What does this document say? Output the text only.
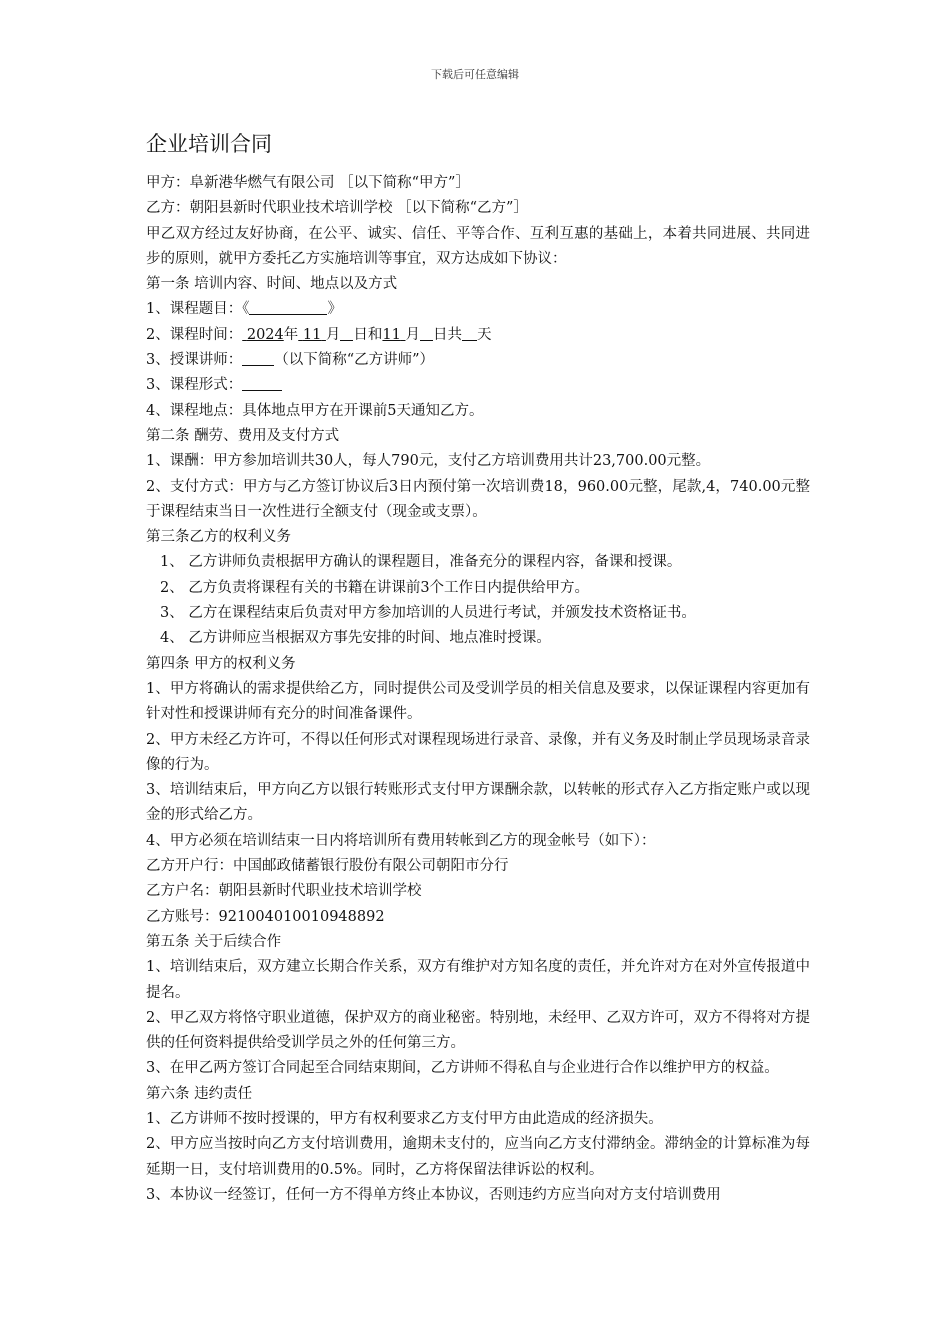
下载后可任意编辑
企业培训合同
甲方：阜新港华燃气有限公司 ［以下简称“甲方”］
乙方：朝阳县新时代职业技术培训学校 ［以下简称“乙方”］
甲乙双方经过友好协商，在公平、诚实、信任、平等合作、互利互惠的基础上，本着共同进展、共同进步的原则，就甲方委托乙方实施培训等事宜，双方达成如下协议：
第一条 培训内容、时间、地点以及方式
1、课程题目：《	》
2、课程时间： 2024年 11 月 日和11 月 日共 天
3、授课讲师： （以下简称“乙方讲师”）
3、课程形式：
4、课程地点：具体地点甲方在开课前5天通知乙方。
第二条 酬劳、费用及支付方式
1、课酬：甲方参加培训共30人，每人790元，支付乙方培训费用共计23,700.00元整。
2、支付方式：甲方与乙方签订协议后3日内预付第一次培训费18，960.00元整，尾款,4，740.00元整于课程结束当日一次性进行全额支付（现金或支票）。
第三条乙方的权利义务
1、 乙方讲师负责根据甲方确认的课程题目，准备充分的课程内容，备课和授课。
2、 乙方负责将课程有关的书籍在讲课前3个工作日内提供给甲方。
3、 乙方在课程结束后负责对甲方参加培训的人员进行考试，并颁发技术资格证书。
4、 乙方讲师应当根据双方事先安排的时间、地点准时授课。
第四条 甲方的权利义务
1、甲方将确认的需求提供给乙方，同时提供公司及受训学员的相关信息及要求，以保证课程内容更加有针对性和授课讲师有充分的时间准备课件。
2、甲方未经乙方许可，不得以任何形式对课程现场进行录音、录像，并有义务及时制止学员现场录音录像的行为。
3、培训结束后，甲方向乙方以银行转账形式支付甲方课酬余款，以转帐的形式存入乙方指定账户或以现金的形式给乙方。
4、甲方必须在培训结束一日内将培训所有费用转帐到乙方的现金帐号（如下）：
乙方开户行：中国邮政储蓄银行股份有限公司朝阳市分行
乙方户名：朝阳县新时代职业技术培训学校
乙方账号：921004010010948892
第五条 关于后续合作
1、培训结束后，双方建立长期合作关系，双方有维护对方知名度的责任，并允许对方在对外宣传报道中提名。
2、甲乙双方将恪守职业道德，保护双方的商业秘密。特别地，未经甲、乙双方许可，双方不得将对方提供的任何资料提供给受训学员之外的任何第三方。
3、在甲乙两方签订合同起至合同结束期间，乙方讲师不得私自与企业进行合作以维护甲方的权益。
第六条 违约责任
1、乙方讲师不按时授课的，甲方有权利要求乙方支付甲方由此造成的经济损失。
2、甲方应当按时向乙方支付培训费用，逾期未支付的，应当向乙方支付滞纳金。滞纳金的计算标准为每延期一日，支付培训费用的0.5%。同时，乙方将保留法律诉讼的权利。
3、本协议一经签订，任何一方不得单方终止本协议，否则违约方应当向对方支付培训费用
